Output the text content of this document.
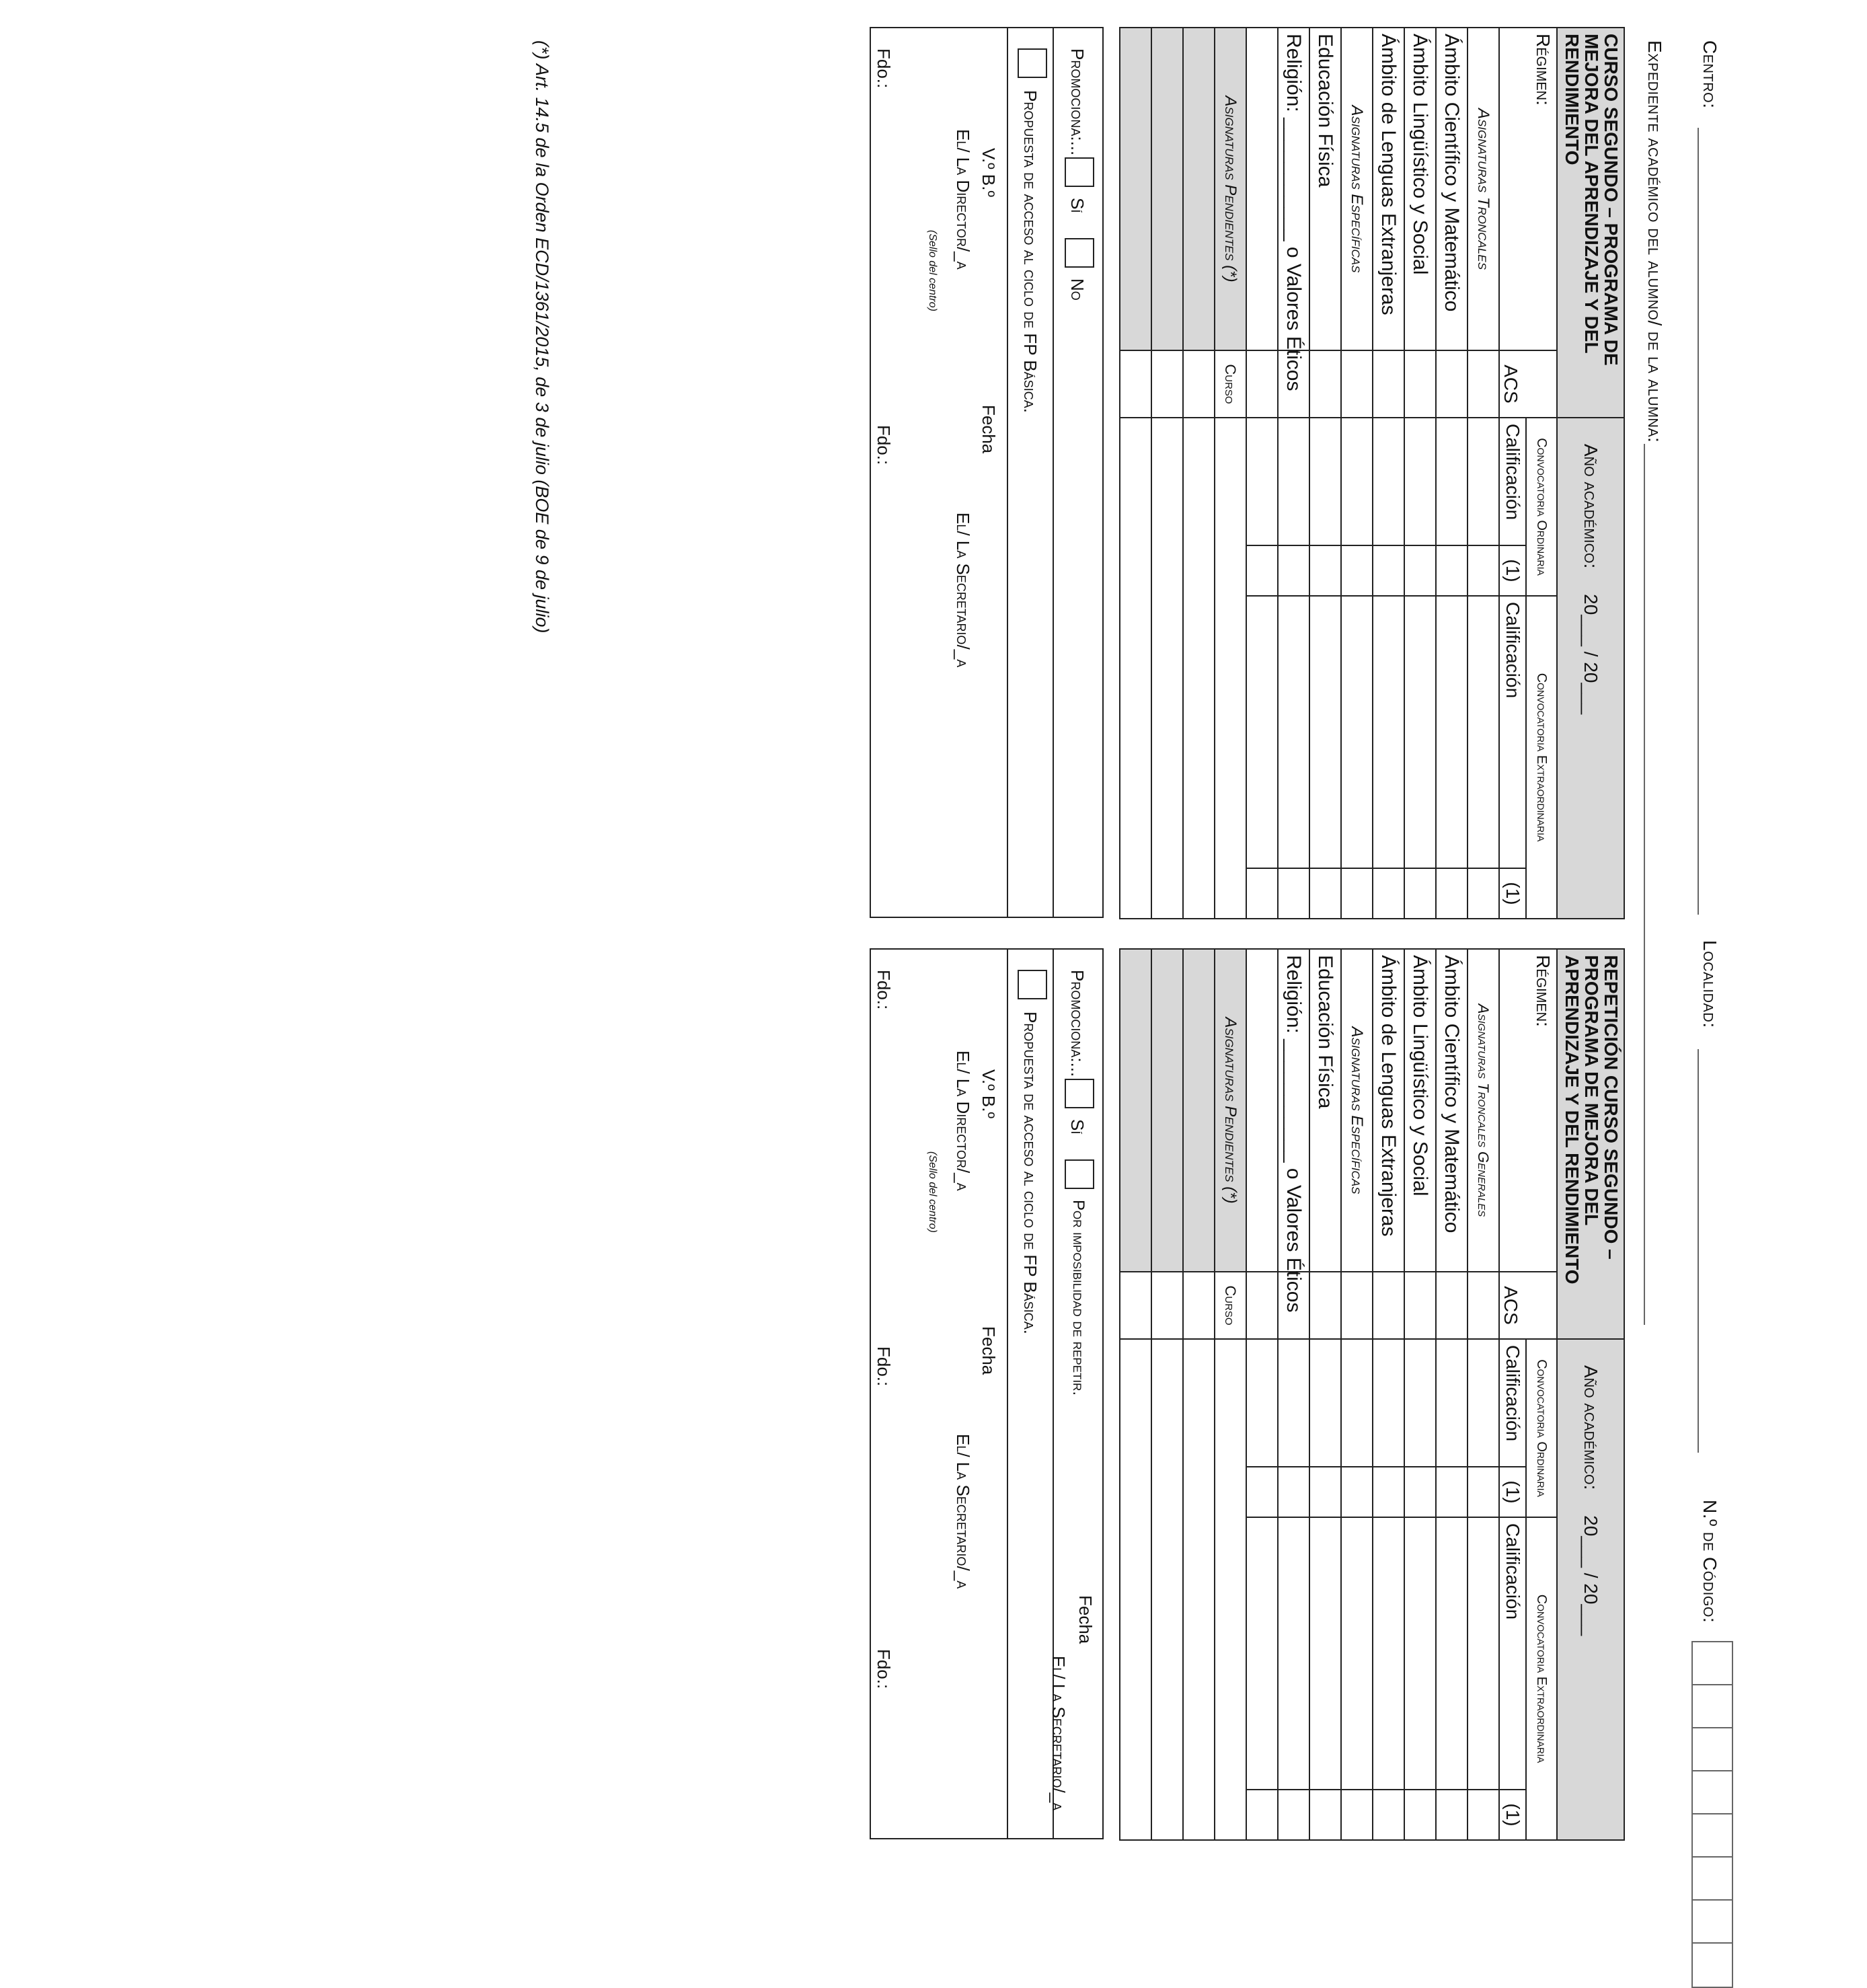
Centro:
Localidad:
N.º de Código:
Expediente académico del alumno/ de la alumna:
CURSO SEGUNDO – PROGRAMA DE MEJORA DEL APRENDIZAJE Y DEL RENDIMIENTO		Año académico: 20___ / 20___			
Régimen:	ACS	Convocatoria Ordinaria		Convocatoria Extraordinaria	
		Calificación	(1)	Calificación	(1)
Asignaturas Troncales					
Ámbito Científico y Matemático					
Ámbito Lingüístico y Social					
Ámbito de Lenguas Extranjeras					
Asignaturas Específicas					
Educación Física					
Religión: ___________ o Valores Éticos					

Asignaturas Pendientes (*)	Curso				

REPETICIÓN CURSO SEGUNDO – PROGRAMA DE MEJORA DEL APRENDIZAJE Y DEL RENDIMIENTO		Año académico: 20___ / 20___			
Régimen:	ACS	Convocatoria Ordinaria		Convocatoria Extraordinaria	
		Calificación	(1)	Calificación	(1)
Asignaturas Troncales Generales					
Ámbito Científico y Matemático					
Ámbito Lingüístico y Social					
Ámbito de Lenguas Extranjeras					
Asignaturas Específicas					
Educación Física					
Religión: ___________ o Valores Éticos					

Asignaturas Pendientes (*)	Curso				

Promociona:...
Sí
No
Propuesta de acceso al ciclo de FP Básica.
V.º B.º
El/ La Director/_a
Fecha
El/ La Secretario/_a
(Sello del centro)
Fdo.:
Fdo.:
Promociona:...
Sí
Por imposibilidad de repetir.
Propuesta de acceso al ciclo de FP Básica.
V.º B.º
El/ La Director/_a
Fecha
El/ La Secretario/_a
(Sello del centro)
Fdo.:
Fdo.:
Fecha
El/ La Secretario/_a
Fdo.:
(*) Art. 14.5 de la Orden ECD/1361/2015, de 3 de julio (BOE de 9 de julio)
